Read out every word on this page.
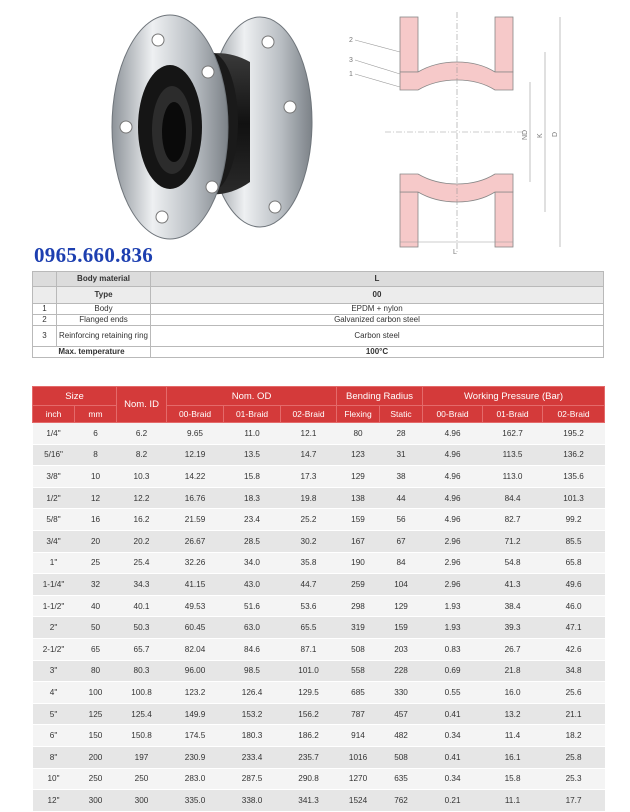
2
3
1
L
ND K D
0965.660.836
	Body material	L
	Type	00
1	Body	EPDM + nylon
2	Flanged ends	Galvanized carbon steel
3	Reinforcing retaining ring	Carbon steel
Max. temperature		100°C
Size		Nom. ID	Nom. OD			Bending Radius		Working Pressure (Bar)		
inch	mm		00-Braid	01-Braid	02-Braid	Flexing	Static	00-Braid	01-Braid	02-Braid
1/4"	6	6.2	9.65	11.0	12.1	80	28	4.96	162.7	195.2
5/16"	8	8.2	12.19	13.5	14.7	123	31	4.96	113.5	136.2
3/8"	10	10.3	14.22	15.8	17.3	129	38	4.96	113.0	135.6
1/2"	12	12.2	16.76	18.3	19.8	138	44	4.96	84.4	101.3
5/8"	16	16.2	21.59	23.4	25.2	159	56	4.96	82.7	99.2
3/4"	20	20.2	26.67	28.5	30.2	167	67	2.96	71.2	85.5
1"	25	25.4	32.26	34.0	35.8	190	84	2.96	54.8	65.8
1-1/4"	32	34.3	41.15	43.0	44.7	259	104	2.96	41.3	49.6
1-1/2"	40	40.1	49.53	51.6	53.6	298	129	1.93	38.4	46.0
2"	50	50.3	60.45	63.0	65.5	319	159	1.93	39.3	47.1
2-1/2"	65	65.7	82.04	84.6	87.1	508	203	0.83	26.7	42.6
3"	80	80.3	96.00	98.5	101.0	558	228	0.69	21.8	34.8
4"	100	100.8	123.2	126.4	129.5	685	330	0.55	16.0	25.6
5"	125	125.4	149.9	153.2	156.2	787	457	0.41	13.2	21.1
6"	150	150.8	174.5	180.3	186.2	914	482	0.34	11.4	18.2
8"	200	197	230.9	233.4	235.7	1016	508	0.41	16.1	25.8
10"	250	250	283.0	287.5	290.8	1270	635	0.34	15.8	25.3
12"	300	300	335.0	338.0	341.3	1524	762	0.21	11.1	17.7
